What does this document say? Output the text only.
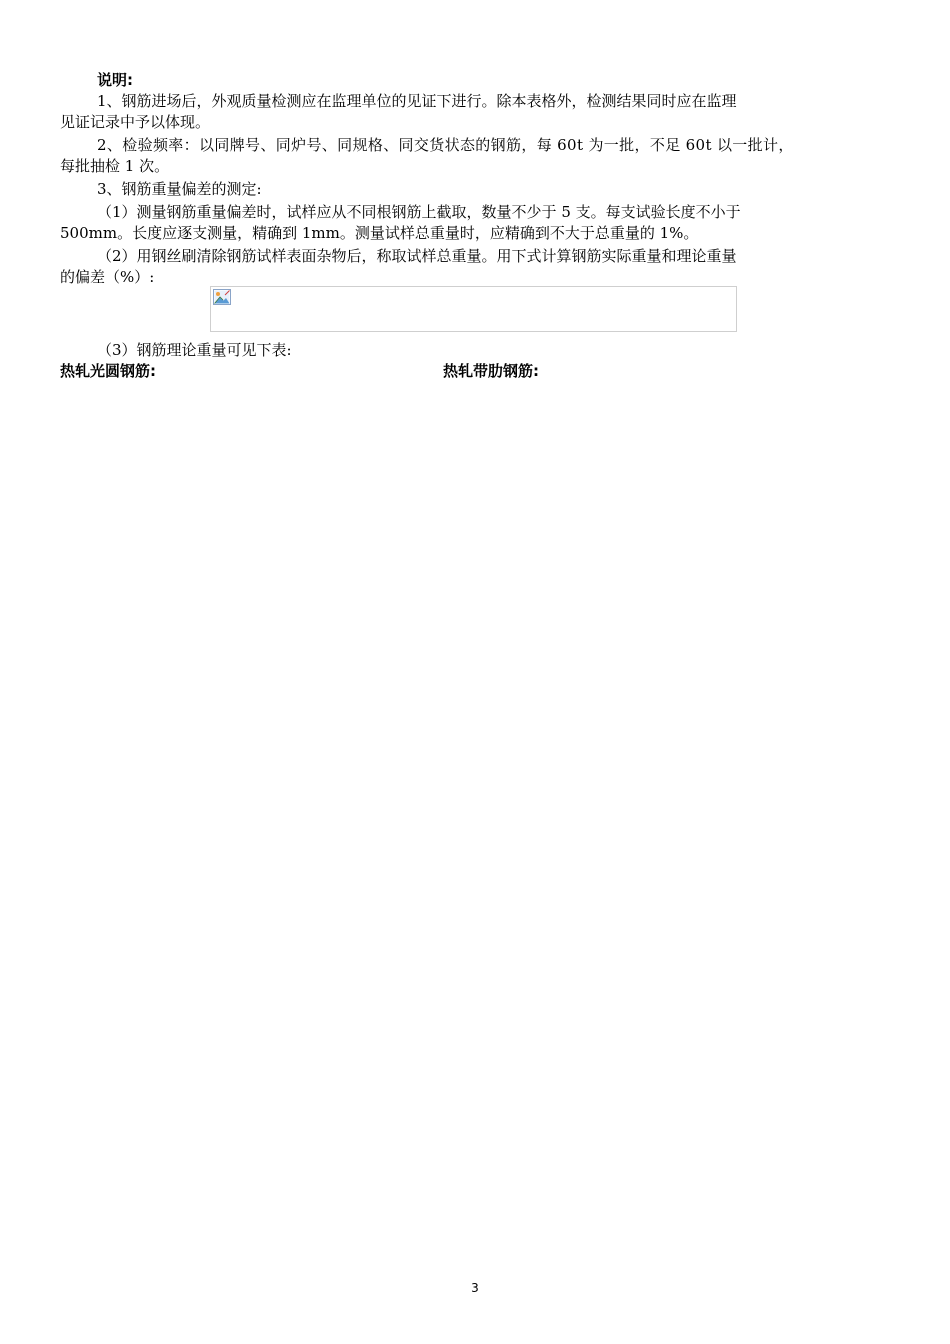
说明:
1、钢筋进场后，外观质量检测应在监理单位的见证下进行。除本表格外，检测结果同时应在监理
见证记录中予以体现。
2、检验频率：以同牌号、同炉号、同规格、同交货状态的钢筋，每 60t 为一批，不足 60t 以一批计，
每批抽检 1 次。
3、钢筋重量偏差的测定:
（1）测量钢筋重量偏差时，试样应从不同根钢筋上截取，数量不少于 5 支。每支试验长度不小于
500mm。长度应逐支测量，精确到 1mm。测量试样总重量时，应精确到不大于总重量的 1%。
（2）用钢丝刷清除钢筋试样表面杂物后，称取试样总重量。用下式计算钢筋实际重量和理论重量
的偏差（%）:
（3）钢筋理论重量可见下表:
热轧光圆钢筋:	热轧带肋钢筋:
3
